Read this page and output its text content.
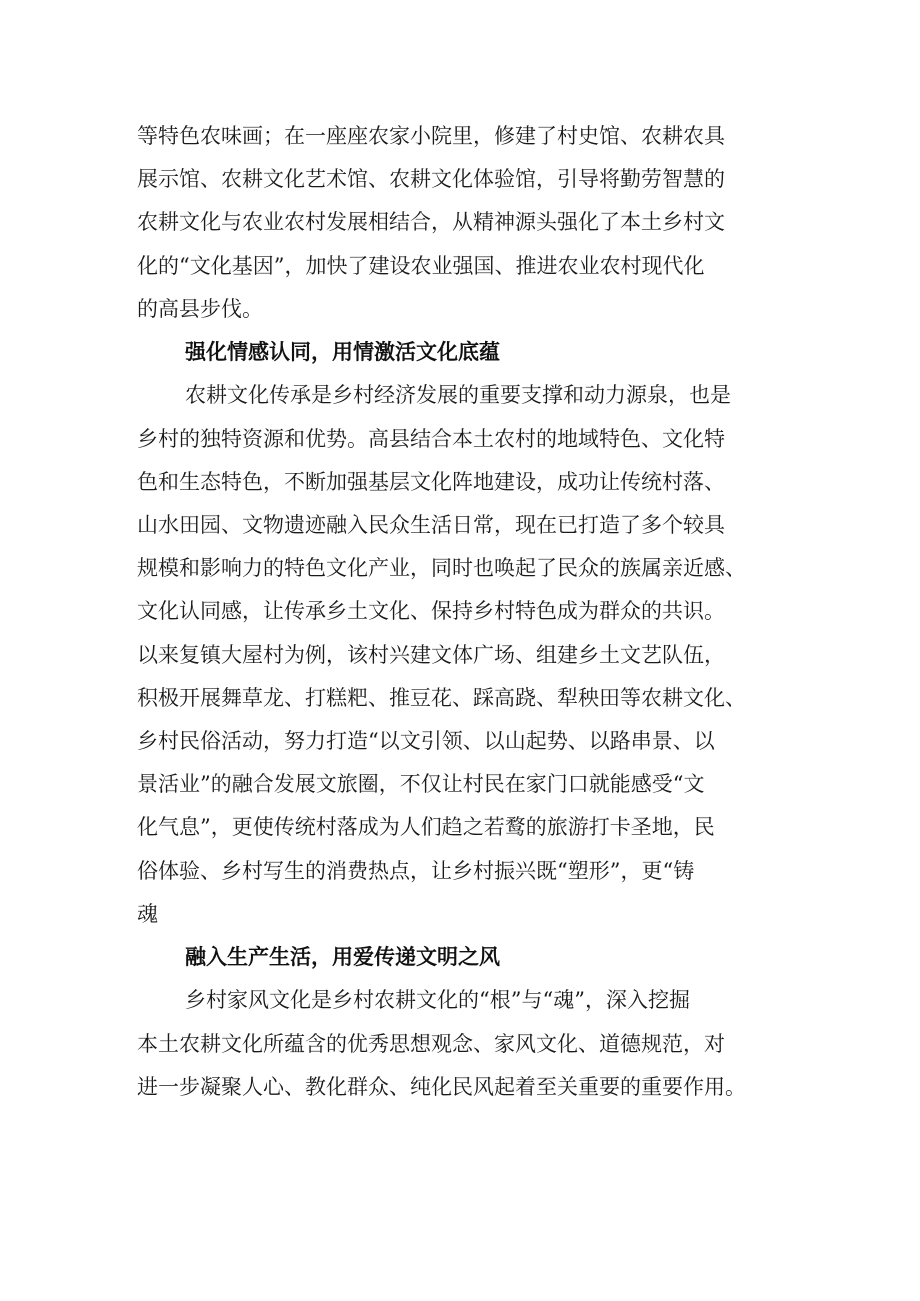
等特色农味画；在一座座农家小院里，修建了村史馆、农耕农具
展示馆、农耕文化艺术馆、农耕文化体验馆，引导将勤劳智慧的
农耕文化与农业农村发展相结合，从精神源头强化了本土乡村文
化的“文化基因”，加快了建设农业强国、推进农业农村现代化
的高县步伐。
强化情感认同，用情激活文化底蕴
农耕文化传承是乡村经济发展的重要支撑和动力源泉，也是
乡村的独特资源和优势。高县结合本土农村的地域特色、文化特
色和生态特色，不断加强基层文化阵地建设，成功让传统村落、
山水田园、文物遗迹融入民众生活日常，现在已打造了多个较具
规模和影响力的特色文化产业，同时也唤起了民众的族属亲近感、
文化认同感，让传承乡土文化、保持乡村特色成为群众的共识。
以来复镇大屋村为例，该村兴建文体广场、组建乡土文艺队伍，
积极开展舞草龙、打糕粑、推豆花、踩高跷、犁秧田等农耕文化、
乡村民俗活动，努力打造“以文引领、以山起势、以路串景、以
景活业”的融合发展文旅圈，不仅让村民在家门口就能感受“文
化气息”，更使传统村落成为人们趋之若鹜的旅游打卡圣地，民
俗体验、乡村写生的消费热点，让乡村振兴既“塑形”，更“铸
魂
融入生产生活，用爱传递文明之风
乡村家风文化是乡村农耕文化的“根”与“魂”，深入挖掘
本土农耕文化所蕴含的优秀思想观念、家风文化、道德规范，对
进一步凝聚人心、教化群众、纯化民风起着至关重要的重要作用。
